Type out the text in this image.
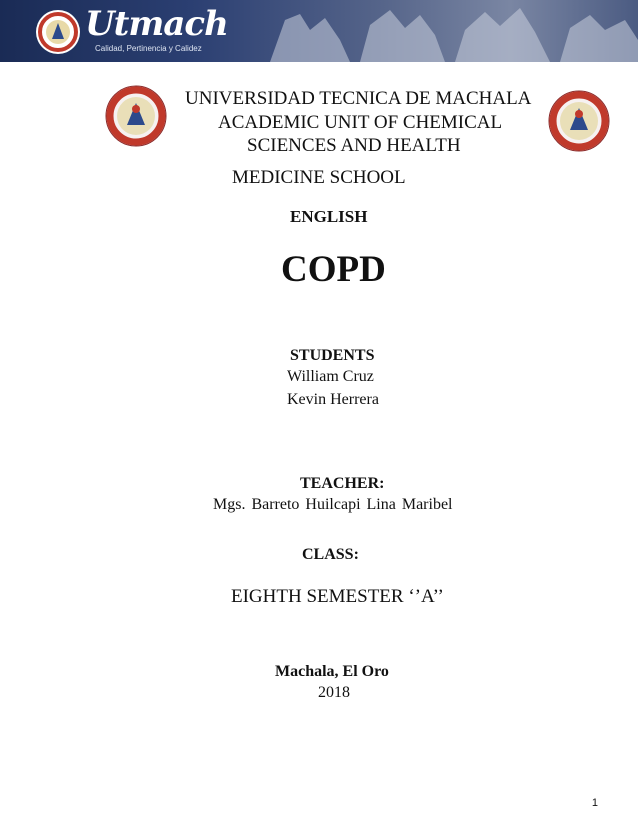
Utmach
Calidad, Pertinencia y Calidez
UNIVERSIDAD TECNICA DE MACHALA
ACADEMIC UNIT OF CHEMICAL
SCIENCES AND HEALTH
MEDICINE SCHOOL
ENGLISH
COPD
STUDENTS
William Cruz
Kevin Herrera
TEACHER:
Mgs. Barreto Huilcapi Lina Maribel
CLASS:
EIGHTH SEMESTER ‘’A’’
Machala, El Oro
2018
1
